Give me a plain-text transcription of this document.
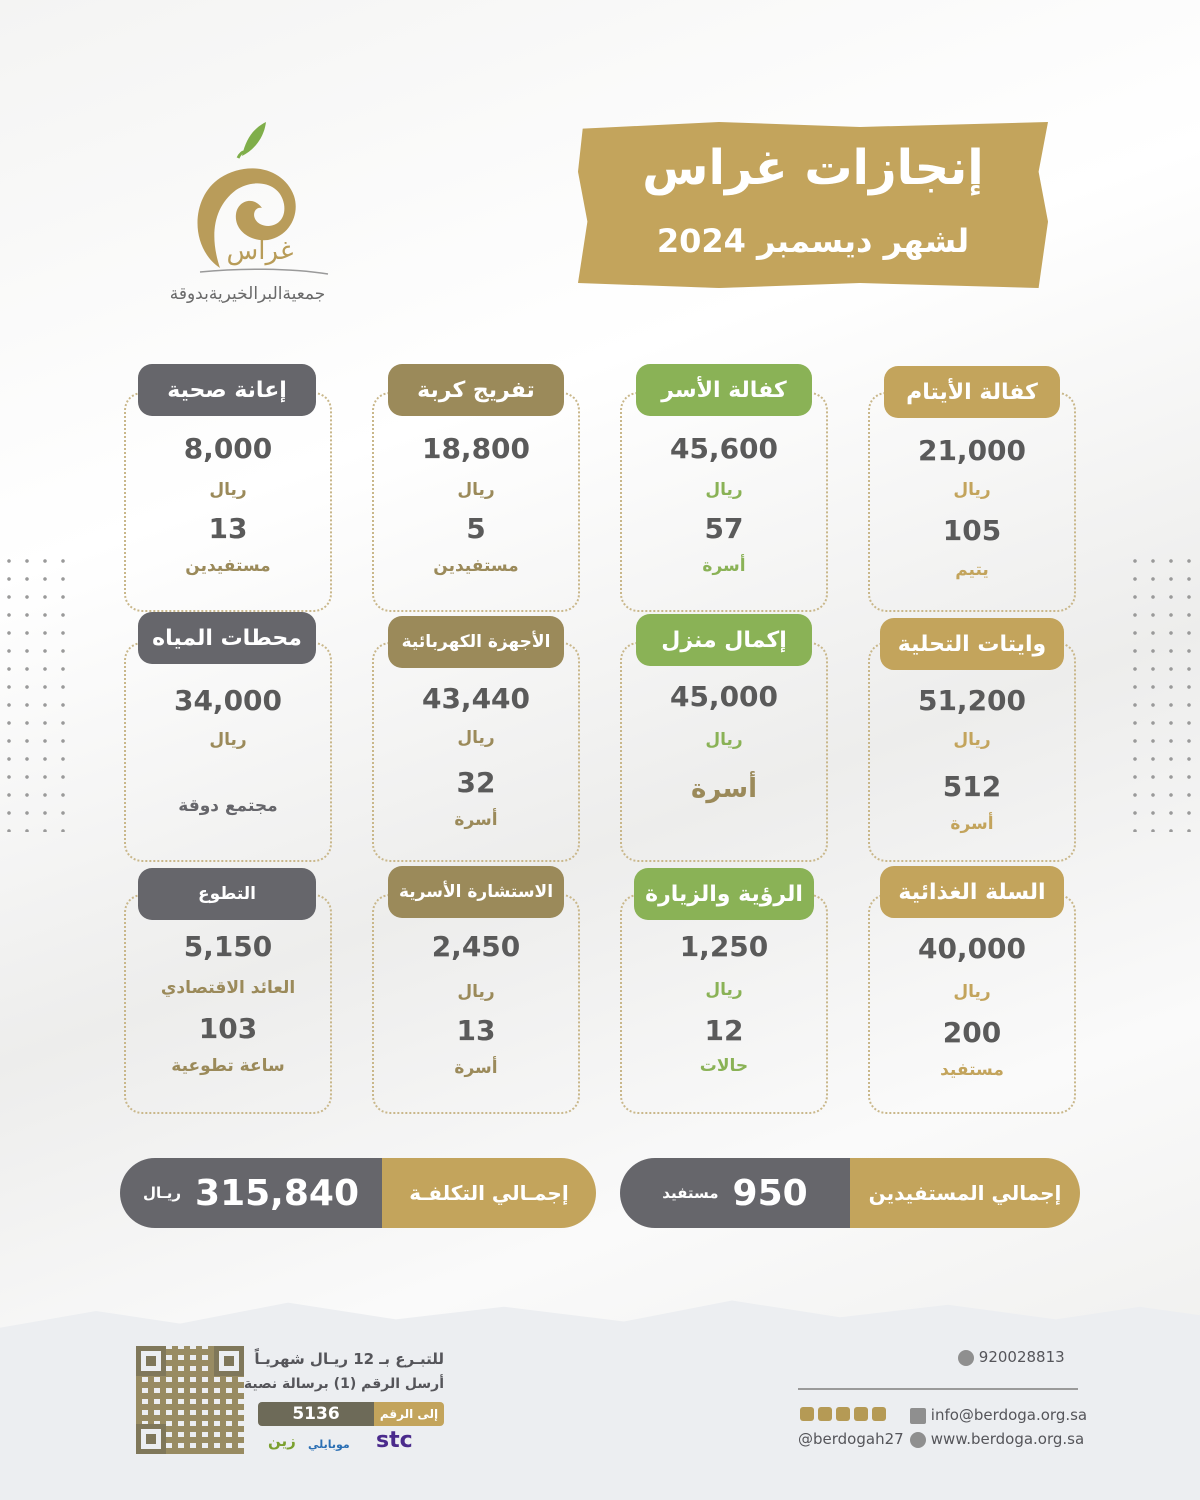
غراس
جمعيةالبرالخيريةبدوقة
إنجازات غراس
لشهر ديسمبر 2024
كفالة الأيتام
21,000
ريال
105
يتيم
كفالة الأسر
45,600
ريال
57
أسرة
تفريج كربة
18,800
ريال
5
مستفيدين
إعانة صحية
8,000
ريال
13
مستفيدين
وايتات التحلية
51,200
ريال
512
أسرة
إكمال منزل
45,000
ريال
أسرة
الأجهزة الكهربائية
43,440
ريال
32
أسرة
محطات المياه
34,000
ريال
مجتمع دوقة
السلة الغذائية
40,000
ريال
200
مستفيد
الرؤية والزيارة
1,250
ريال
12
حالات
الاستشارة الأسرية
2,450
ريال
13
أسرة
التطوع
5,150
العائد الاقتصادي
103
ساعة تطوعية
مستفيد 950	إجمالي المستفيدين
ريـال 315,840	إجمـالي التكلفـة
للتبـرع بـ 12 ريـال شهريـاً
أرسل الرقم (1) برسالة نصية
5136	إلى الرقم
زين موبايلي stc
920028813
info@berdoga.org.sa
www.berdoga.org.sa
@berdogah27
